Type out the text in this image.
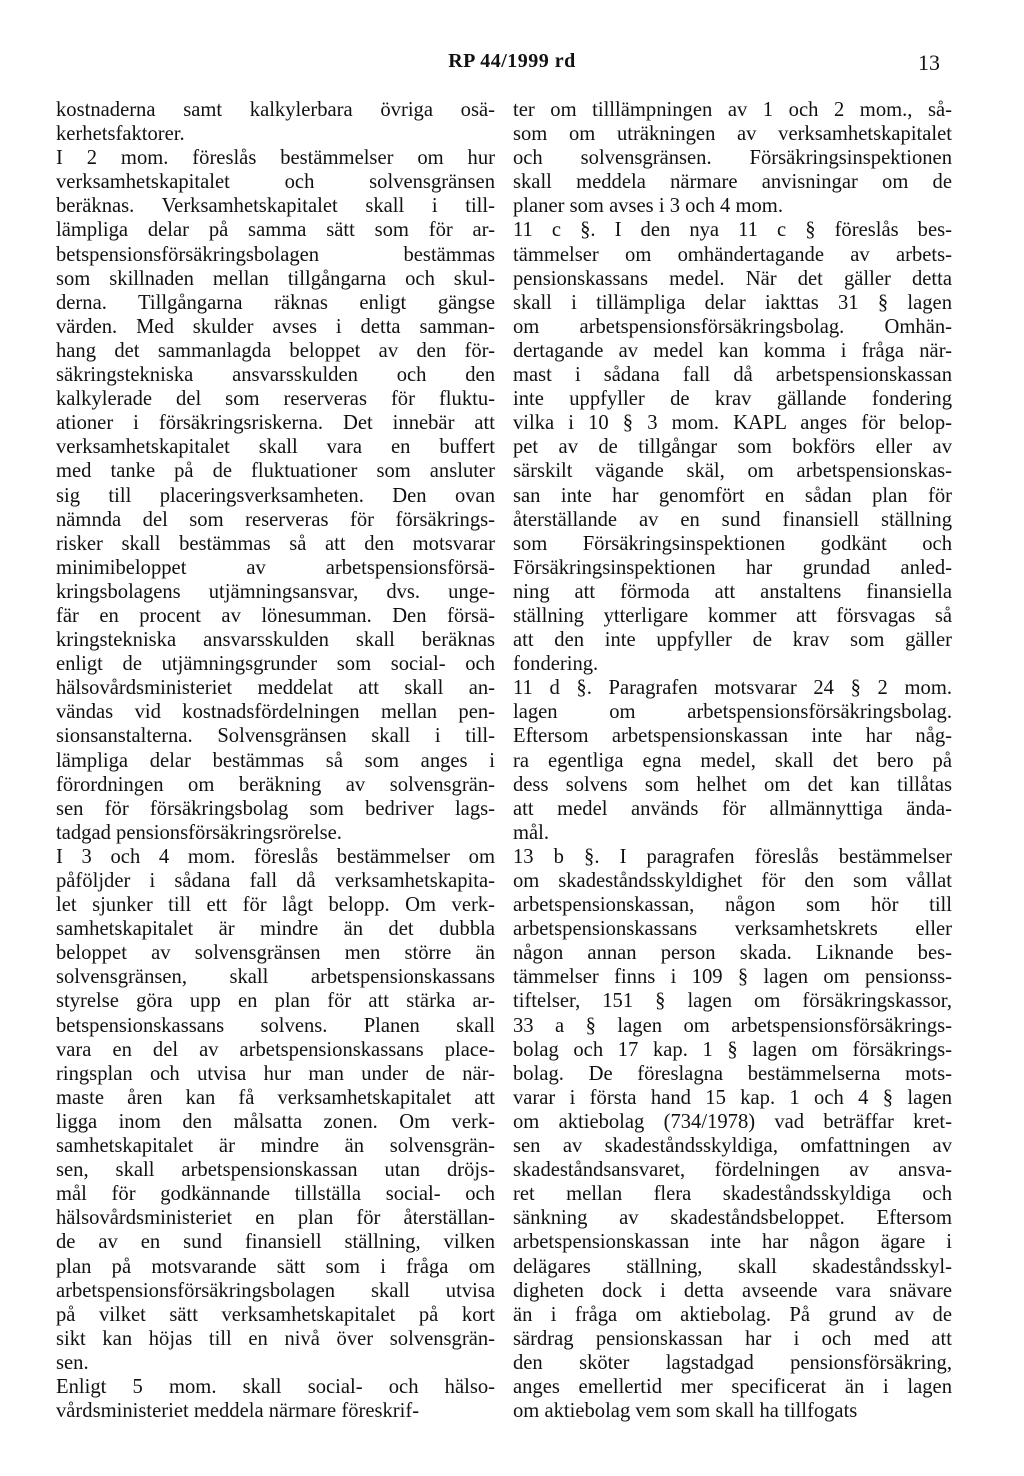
RP 44/1999 rd	13
kostnaderna samt kalkylerbara övriga osä-
kerhetsfaktorer.
I 2 mom. föreslås bestämmelser om hur
verksamhetskapitalet och solvensgränsen
beräknas. Verksamhetskapitalet skall i till-
lämpliga delar på samma sätt som för ar-
betspensionsförsäkringsbolagen bestämmas
som skillnaden mellan tillgångarna och skul-
derna. Tillgångarna räknas enligt gängse
värden. Med skulder avses i detta samman-
hang det sammanlagda beloppet av den för-
säkringstekniska ansvarsskulden och den
kalkylerade del som reserveras för fluktu-
ationer i försäkringsriskerna. Det innebär att
verksamhetskapitalet skall vara en buffert
med tanke på de fluktuationer som ansluter
sig till placeringsverksamheten. Den ovan
nämnda del som reserveras för försäkrings-
risker skall bestämmas så att den motsvarar
minimibeloppet av arbetspensionsförsä-
kringsbolagens utjämningsansvar, dvs. unge-
fär en procent av lönesumman. Den försä-
kringstekniska ansvarsskulden skall beräknas
enligt de utjämningsgrunder som social- och
hälsovårdsministeriet meddelat att skall an-
vändas vid kostnadsfördelningen mellan pen-
sionsanstalterna. Solvensgränsen skall i till-
lämpliga delar bestämmas så som anges i
förordningen om beräkning av solvensgrän-
sen för försäkringsbolag som bedriver lags-
tadgad pensionsförsäkringsrörelse.
I 3 och 4 mom. föreslås bestämmelser om
påföljder i sådana fall då verksamhetskapita-
let sjunker till ett för lågt belopp. Om verk-
samhetskapitalet är mindre än det dubbla
beloppet av solvensgränsen men större än
solvensgränsen, skall arbetspensionskassans
styrelse göra upp en plan för att stärka ar-
betspensionskassans solvens. Planen skall
vara en del av arbetspensionskassans place-
ringsplan och utvisa hur man under de när-
maste åren kan få verksamhetskapitalet att
ligga inom den målsatta zonen. Om verk-
samhetskapitalet är mindre än solvensgrän-
sen, skall arbetspensionskassan utan dröjs-
mål för godkännande tillställa social- och
hälsovårdsministeriet en plan för återställan-
de av en sund finansiell ställning, vilken
plan på motsvarande sätt som i fråga om
arbetspensionsförsäkringsbolagen skall utvisa
på vilket sätt verksamhetskapitalet på kort
sikt kan höjas till en nivå över solvensgrän-
sen.
Enligt 5 mom. skall social- och hälso-
vårdsministeriet meddela närmare föreskrif-
ter om tilllämpningen av 1 och 2 mom., så-
som om uträkningen av verksamhetskapitalet
och solvensgränsen. Försäkringsinspektionen
skall meddela närmare anvisningar om de
planer som avses i 3 och 4 mom.
11 c §. I den nya 11 c § föreslås bes-
tämmelser om omhändertagande av arbets-
pensionskassans medel. När det gäller detta
skall i tillämpliga delar iakttas 31 § lagen
om arbetspensionsförsäkringsbolag. Omhän-
dertagande av medel kan komma i fråga när-
mast i sådana fall då arbetspensionskassan
inte uppfyller de krav gällande fondering
vilka i 10 § 3 mom. KAPL anges för belop-
pet av de tillgångar som bokförs eller av
särskilt vägande skäl, om arbetspensionskas-
san inte har genomfört en sådan plan för
återställande av en sund finansiell ställning
som Försäkringsinspektionen godkänt och
Försäkringsinspektionen har grundad anled-
ning att förmoda att anstaltens finansiella
ställning ytterligare kommer att försvagas så
att den inte uppfyller de krav som gäller
fondering.
11 d §. Paragrafen motsvarar 24 § 2 mom.
lagen om arbetspensionsförsäkringsbolag.
Eftersom arbetspensionskassan inte har någ-
ra egentliga egna medel, skall det bero på
dess solvens som helhet om det kan tillåtas
att medel används för allmännyttiga ända-
mål.
13 b §. I paragrafen föreslås bestämmelser
om skadeståndsskyldighet för den som vållat
arbetspensionskassan, någon som hör till
arbetspensionskassans verksamhetskrets eller
någon annan person skada. Liknande bes-
tämmelser finns i 109 § lagen om pensionss-
tiftelser, 151 § lagen om försäkringskassor,
33 a § lagen om arbetspensionsförsäkrings-
bolag och 17 kap. 1 § lagen om försäkrings-
bolag. De föreslagna bestämmelserna mots-
varar i första hand 15 kap. 1 och 4 § lagen
om aktiebolag (734/1978) vad beträffar kret-
sen av skadeståndsskyldiga, omfattningen av
skadeståndsansvaret, fördelningen av ansva-
ret mellan flera skadeståndsskyldiga och
sänkning av skadeståndsbeloppet. Eftersom
arbetspensionskassan inte har någon ägare i
delägares ställning, skall skadeståndsskyl-
digheten dock i detta avseende vara snävare
än i fråga om aktiebolag. På grund av de
särdrag pensionskassan har i och med att
den sköter lagstadgad pensionsförsäkring,
anges emellertid mer specificerat än i lagen
om aktiebolag vem som skall ha tillfogats
